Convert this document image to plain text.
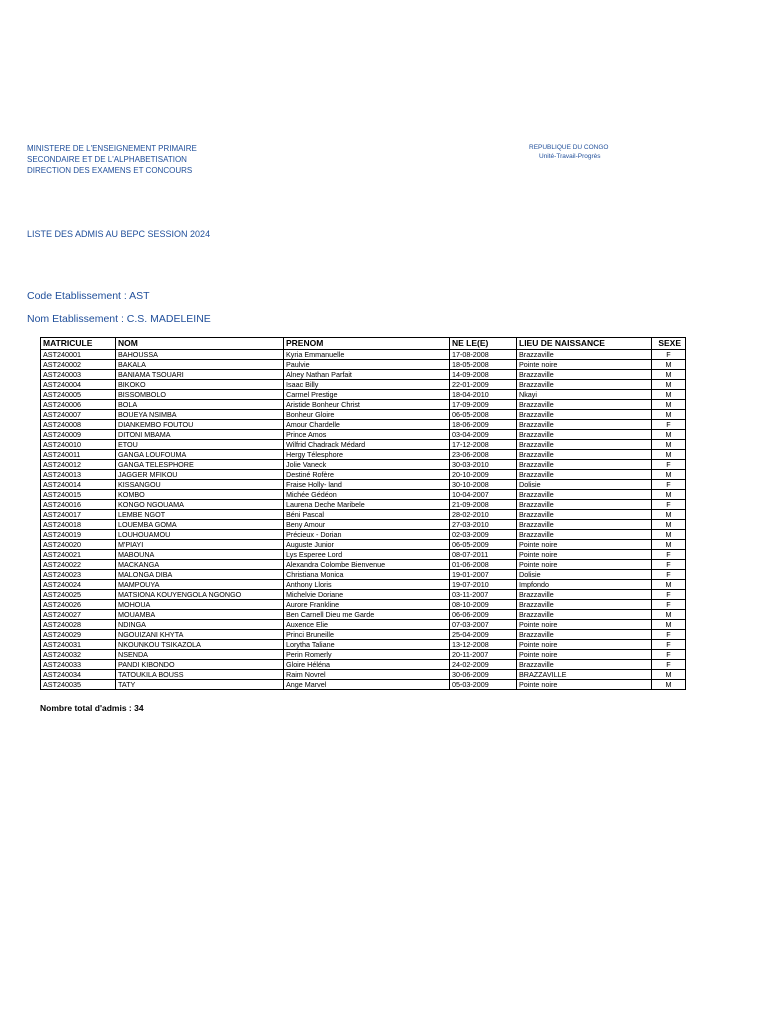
MINISTERE DE L'ENSEIGNEMENT PRIMAIRE
SECONDAIRE ET DE L'ALPHABETISATION
DIRECTION DES EXAMENS ET CONCOURS
REPUBLIQUE DU CONGO
Unité-Travail-Progrès
LISTE DES ADMIS AU BEPC SESSION 2024
Code Etablissement : AST
Nom Etablissement : C.S. MADELEINE
MATRICULE	NOM	PRENOM	NE LE(E)	LIEU DE NAISSANCE	SEXE
AST240001	BAHOUSSA	Kyria Emmanuelle	17-08-2008	Brazzaville	F
AST240002	BAKALA	Paulvie	18-05-2008	Pointe noire	M
AST240003	BANIAMA TSOUARI	Alney Nathan Parfait	14-09-2008	Brazzaville	M
AST240004	BIKOKO	Isaac Billy	22-01-2009	Brazzaville	M
AST240005	BISSOMBOLO	Carmel Prestige	18-04-2010	Nkayi	M
AST240006	BOLA	Aristide Bonheur Christ	17-09-2009	Brazzaville	M
AST240007	BOUEYA NSIMBA	Bonheur Gloire	06-05-2008	Brazzaville	M
AST240008	DIANKEMBO FOUTOU	Amour Chardelle	18-06-2009	Brazzaville	F
AST240009	DITONI MBAMA	Prince Amos	03-04-2009	Brazzaville	M
AST240010	ETOU	Wilfrid Chadrack Médard	17-12-2008	Brazzaville	M
AST240011	GANGA LOUFOUMA	Hergy Télesphore	23-06-2008	Brazzaville	M
AST240012	GANGA TELESPHORE	Jolie Vaneck	30-03-2010	Brazzaville	F
AST240013	JAGGER MFIKOU	Destiné Rofère	20-10-2009	Brazzaville	M
AST240014	KISSANGOU	Fraise Holly- land	30-10-2008	Dolisie	F
AST240015	KOMBO	Michée Gédéon	10-04-2007	Brazzaville	M
AST240016	KONGO NGOUAMA	Laurena Deche Maribele	21-09-2008	Brazzaville	F
AST240017	LEMBE NGOT	Béni Pascal	28-02-2010	Brazzaville	M
AST240018	LOUEMBA GOMA	Beny Amour	27-03-2010	Brazzaville	M
AST240019	LOUHOUAMOU	Précieux - Dorian	02-03-2009	Brazzaville	M
AST240020	M'PIAYI	Auguste Junior	06-05-2009	Pointe noire	M
AST240021	MABOUNA	Lys Esperee Lord	08-07-2011	Pointe noire	F
AST240022	MACKANGA	Alexandra Colombe Bienvenue	01-06-2008	Pointe noire	F
AST240023	MALONGA DIBA	Christiana Monica	19-01-2007	Dolisie	F
AST240024	MAMPOUYA	Anthony Lloris	19-07-2010	Impfondo	M
AST240025	MATSIONA KOUYENGOLA NGONGO	Michelvie Doriane	03-11-2007	Brazzaville	F
AST240026	MOHOUA	Aurore Frankline	08-10-2009	Brazzaville	F
AST240027	MOUAMBA	Ben Carnell Dieu me Garde	06-06-2009	Brazzaville	M
AST240028	NDINGA	Auxence Elie	07-03-2007	Pointe noire	M
AST240029	NGOUIZANI KHYTA	Princi Bruneille	25-04-2009	Brazzaville	F
AST240031	NKOUNKOU TSIKAZOLA	Lorytha Taliane	13-12-2008	Pointe noire	F
AST240032	NSENDA	Perin Romerly	20-11-2007	Pointe noire	F
AST240033	PANDI KIBONDO	Gloire Héléna	24-02-2009	Brazzaville	F
AST240034	TATOUKILA BOUSS	Raim Novrel	30-06-2009	BRAZZAVILLE	M
AST240035	TATY	Ange Marvel	05-03-2009	Pointe noire	M
Nombre total d'admis : 34
